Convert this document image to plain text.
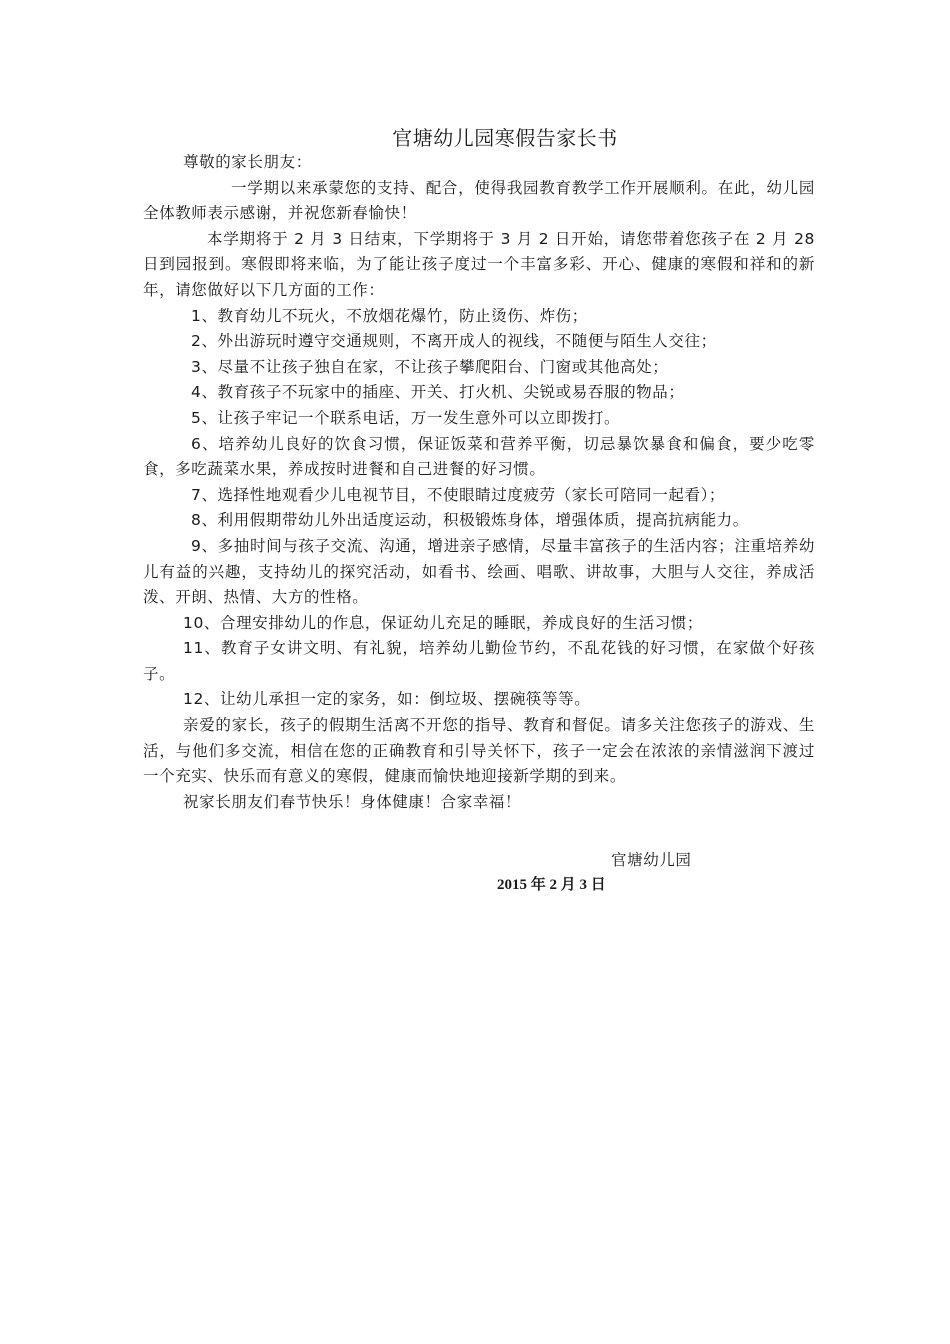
官塘幼儿园寒假告家长书

尊敬的家长朋友：

一学期以来承蒙您的支持、配合，使得我园教育教学工作开展顺利。在此，幼儿园全体教师表示感谢，并祝您新春愉快！

本学期将于 2 月 3 日结束，下学期将于 3 月 2 日开始，请您带着您孩子在 2 月 28 日到园报到。寒假即将来临，为了能让孩子度过一个丰富多彩、开心、健康的寒假和祥和的新年，请您做好以下几方面的工作：

1、教育幼儿不玩火，不放烟花爆竹，防止烫伤、炸伤；

2、外出游玩时遵守交通规则，不离开成人的视线，不随便与陌生人交往；

3、尽量不让孩子独自在家，不让孩子攀爬阳台、门窗或其他高处；

4、教育孩子不玩家中的插座、开关、打火机、尖锐或易吞服的物品；

5、让孩子牢记一个联系电话，万一发生意外可以立即拨打。

6、培养幼儿良好的饮食习惯，保证饭菜和营养平衡，切忌暴饮暴食和偏食，要少吃零食，多吃蔬菜水果，养成按时进餐和自己进餐的好习惯。

7、选择性地观看少儿电视节目，不使眼睛过度疲劳（家长可陪同一起看）；

8、利用假期带幼儿外出适度运动，积极锻炼身体，增强体质，提高抗病能力。

9、多抽时间与孩子交流、沟通，增进亲子感情，尽量丰富孩子的生活内容；注重培养幼儿有益的兴趣，支持幼儿的探究活动，如看书、绘画、唱歌、讲故事，大胆与人交往，养成活泼、开朗、热情、大方的性格。

10、合理安排幼儿的作息，保证幼儿充足的睡眠，养成良好的生活习惯；

11、教育子女讲文明、有礼貌，培养幼儿勤俭节约，不乱花钱的好习惯，在家做个好孩子。

12、让幼儿承担一定的家务，如：倒垃圾、摆碗筷等等。

亲爱的家长，孩子的假期生活离不开您的指导、教育和督促。请多关注您孩子的游戏、生活，与他们多交流，相信在您的正确教育和引导关怀下，孩子一定会在浓浓的亲情滋润下渡过一个充实、快乐而有意义的寒假，健康而愉快地迎接新学期的到来。

祝家长朋友们春节快乐！身体健康！合家幸福！

官塘幼儿园
2015 年 2 月 3 日
